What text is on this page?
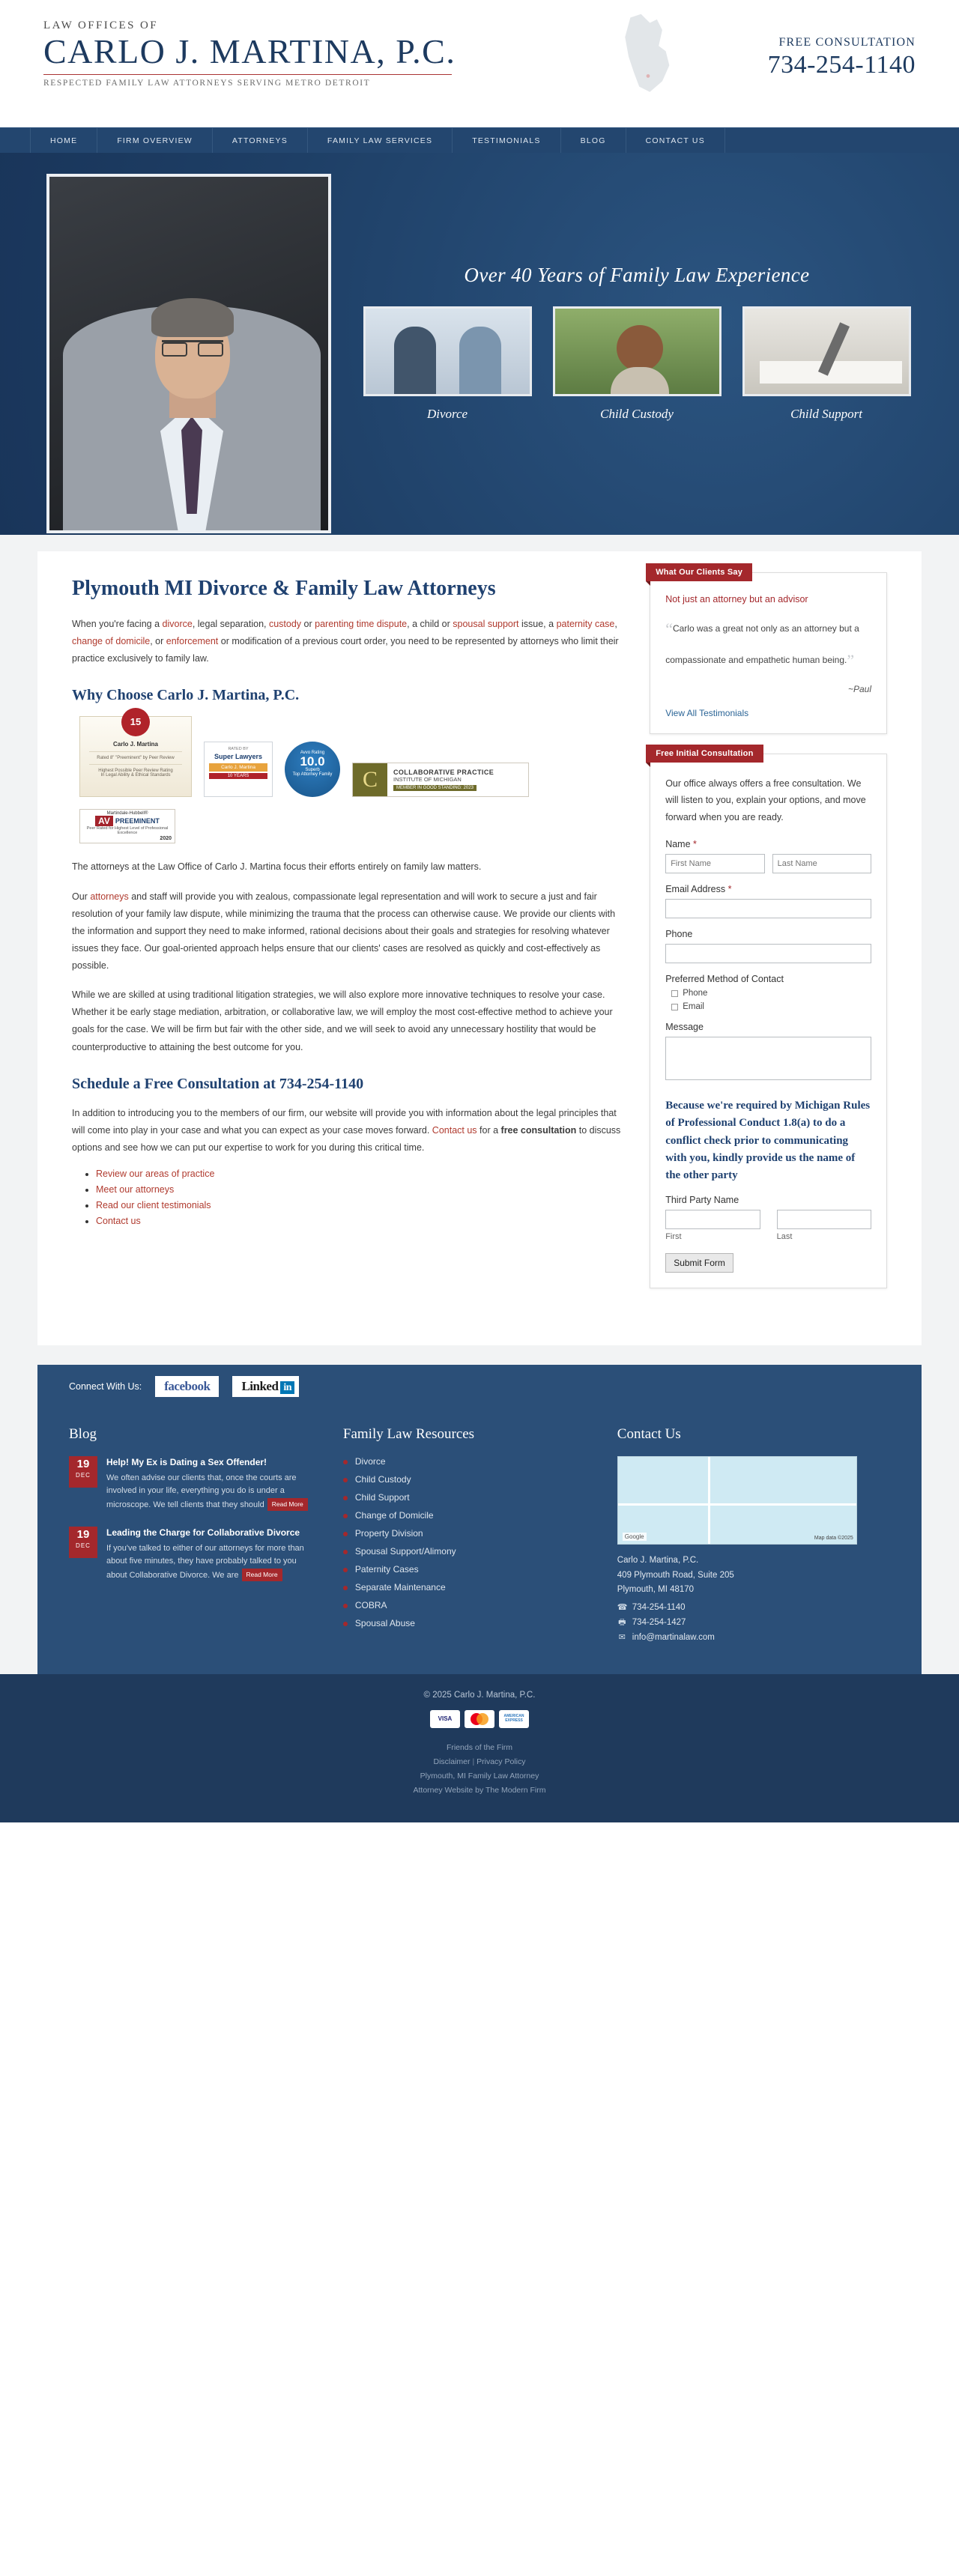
LAW OFFICES OF
CARLO J. MARTINA, P.C.
RESPECTED FAMILY LAW ATTORNEYS SERVING METRO DETROIT
FREE CONSULTATION
734-254-1140
HOME	FIRM OVERVIEW	ATTORNEYS	FAMILY LAW SERVICES	TESTIMONIALS	BLOG	CONTACT US
Over 40 Years of Family Law Experience
Divorce	Child Custody	Child Support
Plymouth MI Divorce & Family Law Attorneys

When you're facing a divorce, legal separation, custody or parenting time dispute, a child or spousal support issue, a paternity case, change of domicile, or enforcement or modification of a previous court order, you need to be represented by attorneys who limit their practice exclusively to family law.

Why Choose Carlo J. Martina, P.C.
15
Carlo J. Martina
Rated 8" "Preeminent" by Peer Review
Highest Possible Peer Review Rating
In Legal Ability & Ethical Standards
RATED BY
Super Lawyers
Carlo J. Martina
10 YEARS
Avvo Rating
10.0
Superb
Top Attorney Family	C	COLLABORATIVE PRACTICE
INSTITUTE OF MICHIGAN
MEMBER IN GOOD STANDING: 2023
Martindale-Hubbell®
AV PREEMINENT
Peer Rated for Highest Level of Professional Excellence
2020

The attorneys at the Law Office of Carlo J. Martina focus their efforts entirely on family law matters.

Our attorneys and staff will provide you with zealous, compassionate legal representation and will work to secure a just and fair resolution of your family law dispute, while minimizing the trauma that the process can otherwise cause. We provide our clients with the information and support they need to make informed, rational decisions about their goals and strategies for resolving whatever issues they face. Our goal-oriented approach helps ensure that our clients' cases are resolved as quickly and cost-effectively as possible.

While we are skilled at using traditional litigation strategies, we will also explore more innovative techniques to resolve your case. Whether it be early stage mediation, arbitration, or collaborative law, we will employ the most cost-effective method to achieve your goals for the case. We will be firm but fair with the other side, and we will seek to avoid any unnecessary hostility that would be counterproductive to attaining the best outcome for you.

Schedule a Free Consultation at 734-254-1140

In addition to introducing you to the members of our firm, our website will provide you with information about the legal principles that will come into play in your case and what you can expect as your case moves forward. Contact us for a free consultation to discuss options and see how we can put our expertise to work for you during this critical time.

• Review our areas of practice
• Meet our attorneys
• Read our client testimonials
• Contact us
What Our Clients Say

Not just an attorney but an advisor

“Carlo was a great not only as an attorney but a compassionate and empathetic human being.”
~Paul
View All Testimonials
Free Initial Consultation

Our office always offers a free consultation. We will listen to you, explain your options, and move forward when you are ready.

Name *
First Name
Last Name
Email Address *
Phone
Preferred Method of Contact
Phone
Email
Message
Because we're required by Michigan Rules of Professional Conduct 1.8(a) to do a conflict check prior to communicating with you, kindly provide us the name of the other party
Third Party Name
First	Last
Submit Form
Connect With Us:	facebook	Linked in
Blog
19
DEC
Help! My Ex is Dating a Sex Offender!
We often advise our clients that, once the courts are involved in your life, everything you do is under a microscope. We tell clients that they should Read More
19
DEC
Leading the Charge for Collaborative Divorce
If you've talked to either of our attorneys for more than about five minutes, they have probably talked to you about Collaborative Divorce. We are Read More
Family Law Resources
Divorce
Child Custody
Child Support
Change of Domicile
Property Division
Spousal Support/Alimony
Paternity Cases
Separate Maintenance
COBRA
Spousal Abuse
Contact Us
Google	Map data ©2025
Carlo J. Martina, P.C.
409 Plymouth Road, Suite 205
Plymouth, MI 48170
☎ 734-254-1140
🖶 734-254-1427
✉ info@martinalaw.com
© 2025 Carlo J. Martina, P.C.
VISA	AMERICAN EXPRESS
Friends of the Firm
Disclaimer | Privacy Policy
Plymouth, MI Family Law Attorney
Attorney Website by The Modern Firm
